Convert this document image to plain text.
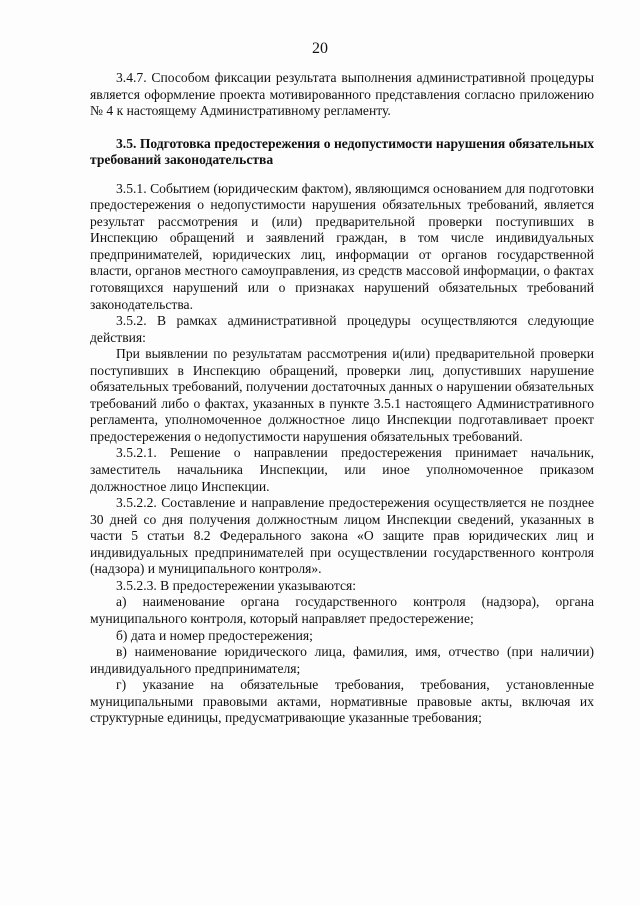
20

3.4.7. Способом фиксации результата выполнения административной процедуры является оформление проекта мотивированного представления согласно приложению № 4 к настоящему Административному регламенту.

3.5. Подготовка предостережения о недопустимости нарушения обязательных требований законодательства

3.5.1. Событием (юридическим фактом), являющимся основанием для подготовки предостережения о недопустимости нарушения обязательных требований, является результат рассмотрения и (или) предварительной проверки поступивших в Инспекцию обращений и заявлений граждан, в том числе индивидуальных предпринимателей, юридических лиц, информации от органов государственной власти, органов местного самоуправления, из средств массовой информации, о фактах готовящихся нарушений или о признаках нарушений обязательных требований законодательства.

3.5.2. В рамках административной процедуры осуществляются следующие действия:

При выявлении по результатам рассмотрения и(или) предварительной проверки поступивших в Инспекцию обращений, проверки лиц, допустивших нарушение обязательных требований, получении достаточных данных о нарушении обязательных требований либо о фактах, указанных в пункте 3.5.1 настоящего Административного регламента, уполномоченное должностное лицо Инспекции подготавливает проект предостережения о недопустимости нарушения обязательных требований.

3.5.2.1. Решение о направлении предостережения принимает начальник, заместитель начальника Инспекции, или иное уполномоченное приказом должностное лицо Инспекции.

3.5.2.2. Составление и направление предостережения осуществляется не позднее 30 дней со дня получения должностным лицом Инспекции сведений, указанных в части 5 статьи 8.2 Федерального закона «О защите прав юридических лиц и индивидуальных предпринимателей при осуществлении государственного контроля (надзора) и муниципального контроля».

3.5.2.3. В предостережении указываются:

а) наименование органа государственного контроля (надзора), органа муниципального контроля, который направляет предостережение;

б) дата и номер предостережения;

в) наименование юридического лица, фамилия, имя, отчество (при наличии) индивидуального предпринимателя;

г) указание на обязательные требования, требования, установленные муниципальными правовыми актами, нормативные правовые акты, включая их структурные единицы, предусматривающие указанные требования;
